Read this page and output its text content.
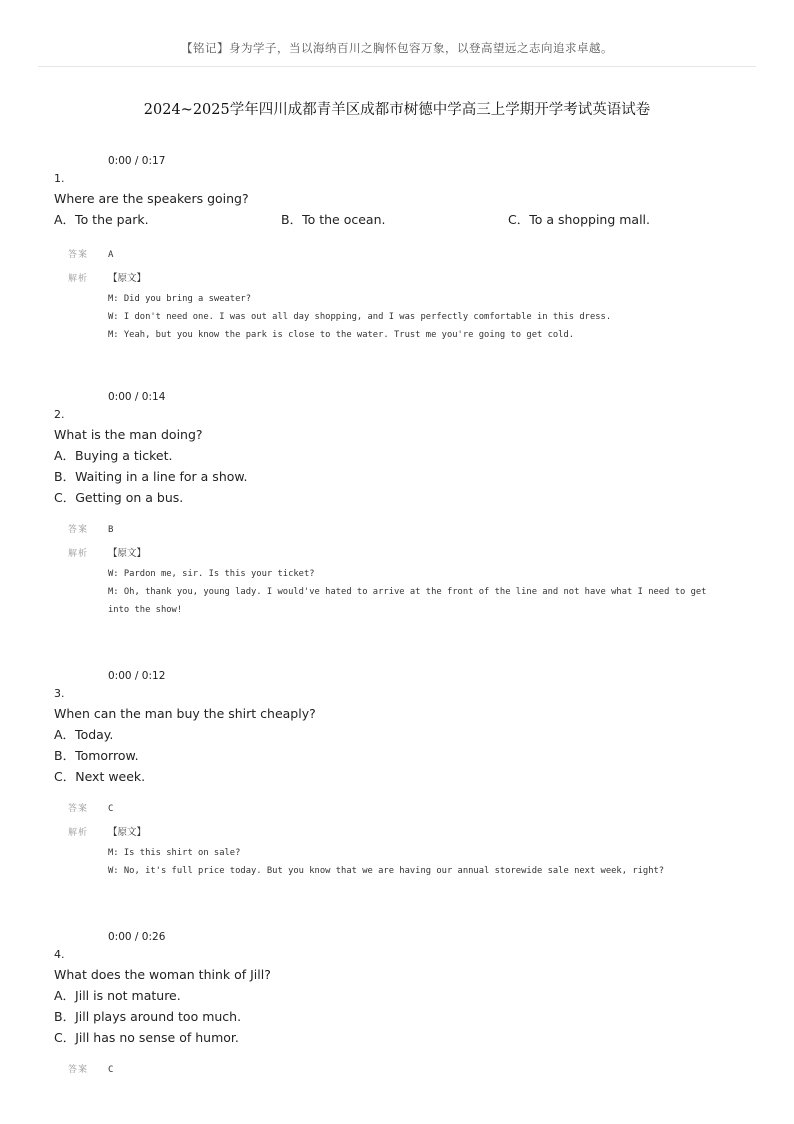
【铭记】身为学子，当以海纳百川之胸怀包容万象，以登高望远之志向追求卓越。
2024~2025学年四川成都青羊区成都市树德中学高三上学期开学考试英语试卷
0:00 / 0:17
1.
Where are the speakers going?
A．To the park.	B．To the ocean.	C．To a shopping mall.
答案	A
解析	【原文】
M: Did you bring a sweater?
W: I don't need one. I was out all day shopping, and I was perfectly comfortable in this dress.
M: Yeah, but you know the park is close to the water. Trust me you're going to get cold.
0:00 / 0:14
2.
What is the man doing?
A．Buying a ticket.
B．Waiting in a line for a show.
C．Getting on a bus.
答案	B
解析	【原文】
W: Pardon me, sir. Is this your ticket?
M: Oh, thank you, young lady. I would've hated to arrive at the front of the line and not have what I need to get into the show!
0:00 / 0:12
3.
When can the man buy the shirt cheaply?
A．Today.
B．Tomorrow.
C．Next week.
答案	C
解析	【原文】
M: Is this shirt on sale?
W: No, it's full price today. But you know that we are having our annual storewide sale next week, right?
0:00 / 0:26
4.
What does the woman think of Jill?
A．Jill is not mature.
B．Jill plays around too much.
C．Jill has no sense of humor.
答案	C
